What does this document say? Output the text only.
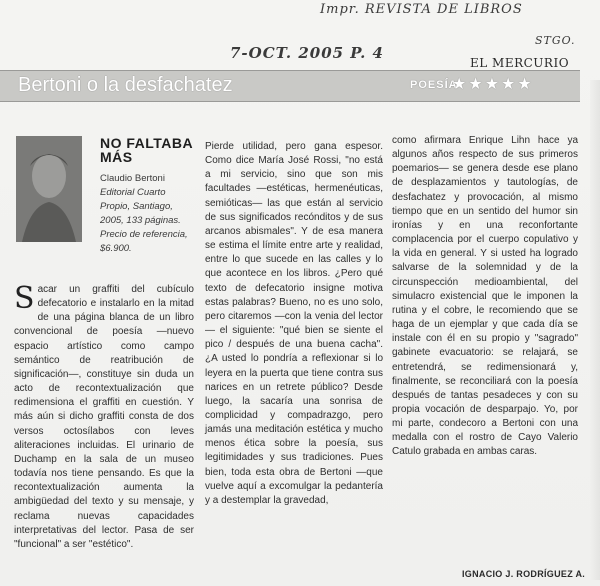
Impr. REVISTA DE LIBROS
7-OCT. 2005 P. 4
STGO.
EL MERCURIO
Bertoni o la desfachatez	POESÍA
★★★★★
NO FALTABA MÁS
Claudio Bertoni
Editorial Cuarto Propio, Santiago, 2005, 133 páginas. Precio de referencia, $6.900.
Sacar un graffiti del cubículo defecatorio e instalarlo en la mitad de una página blanca de un libro convencional de poesía —nuevo espacio artístico como campo semántico de reatribución de significación—, constituye sin duda un acto de recontextualización que redimensiona el graffiti en cuestión. Y más aún si dicho graffiti consta de dos versos octosílabos con leves aliteraciones incluidas. El urinario de Duchamp en la sala de un museo todavía nos tiene pensando. Es que la recontextualización aumenta la ambigüedad del texto y su mensaje, y reclama nuevas capacidades interpretativas del lector. Pasa de ser "funcional" a ser "estético".
Pierde utilidad, pero gana espesor. Como dice María José Rossi, "no está a mi servicio, sino que son mis facultades —estéticas, hermenéuticas, semióticas— las que están al servicio de sus significados recónditos y de sus arcanos abismales". Y de esa manera se estima el límite entre arte y realidad, entre lo que sucede en las calles y lo que acontece en los libros. ¿Pero qué texto de defecatorio insigne motiva estas palabras? Bueno, no es uno solo, pero citaremos —con la venia del lector— el siguiente: "qué bien se siente el pico / después de una buena cacha". ¿A usted lo pondría a reflexionar si lo leyera en la puerta que tiene contra sus narices en un retrete público? Desde luego, la sacaría una sonrisa de complicidad y compadrazgo, pero jamás una meditación estética y mucho menos ética sobre la poesía, sus legitimidades y sus tradiciones. Pues bien, toda esta obra de Bertoni —que vuelve aquí a excomulgar la pedantería y a destemplar la gravedad,
como afirmara Enrique Lihn hace ya algunos años respecto de sus primeros poemarios— se genera desde ese plano de desplazamientos y tautologías, de desfachatez y provocación, al mismo tiempo que en un sentido del humor sin ironías y en una reconfortante complacencia por el cuerpo copulativo y la vida en general. Y si usted ha logrado salvarse de la solemnidad y de la circunspección medioambiental, del simulacro existencial que le imponen la rutina y el cobre, le recomiendo que se haga de un ejemplar y que cada día se instale con él en su propio y "sagrado" gabinete evacuatorio: se relajará, se entretendrá, se redimensionará y, finalmente, se reconciliará con la poesía después de tantas pesadeces y con su propia vocación de desparpajo. Yo, por mi parte, condecoro a Bertoni con una medalla con el rostro de Cayo Valerio Catulo grabada en ambas caras.
IGNACIO J. RODRÍGUEZ A.
